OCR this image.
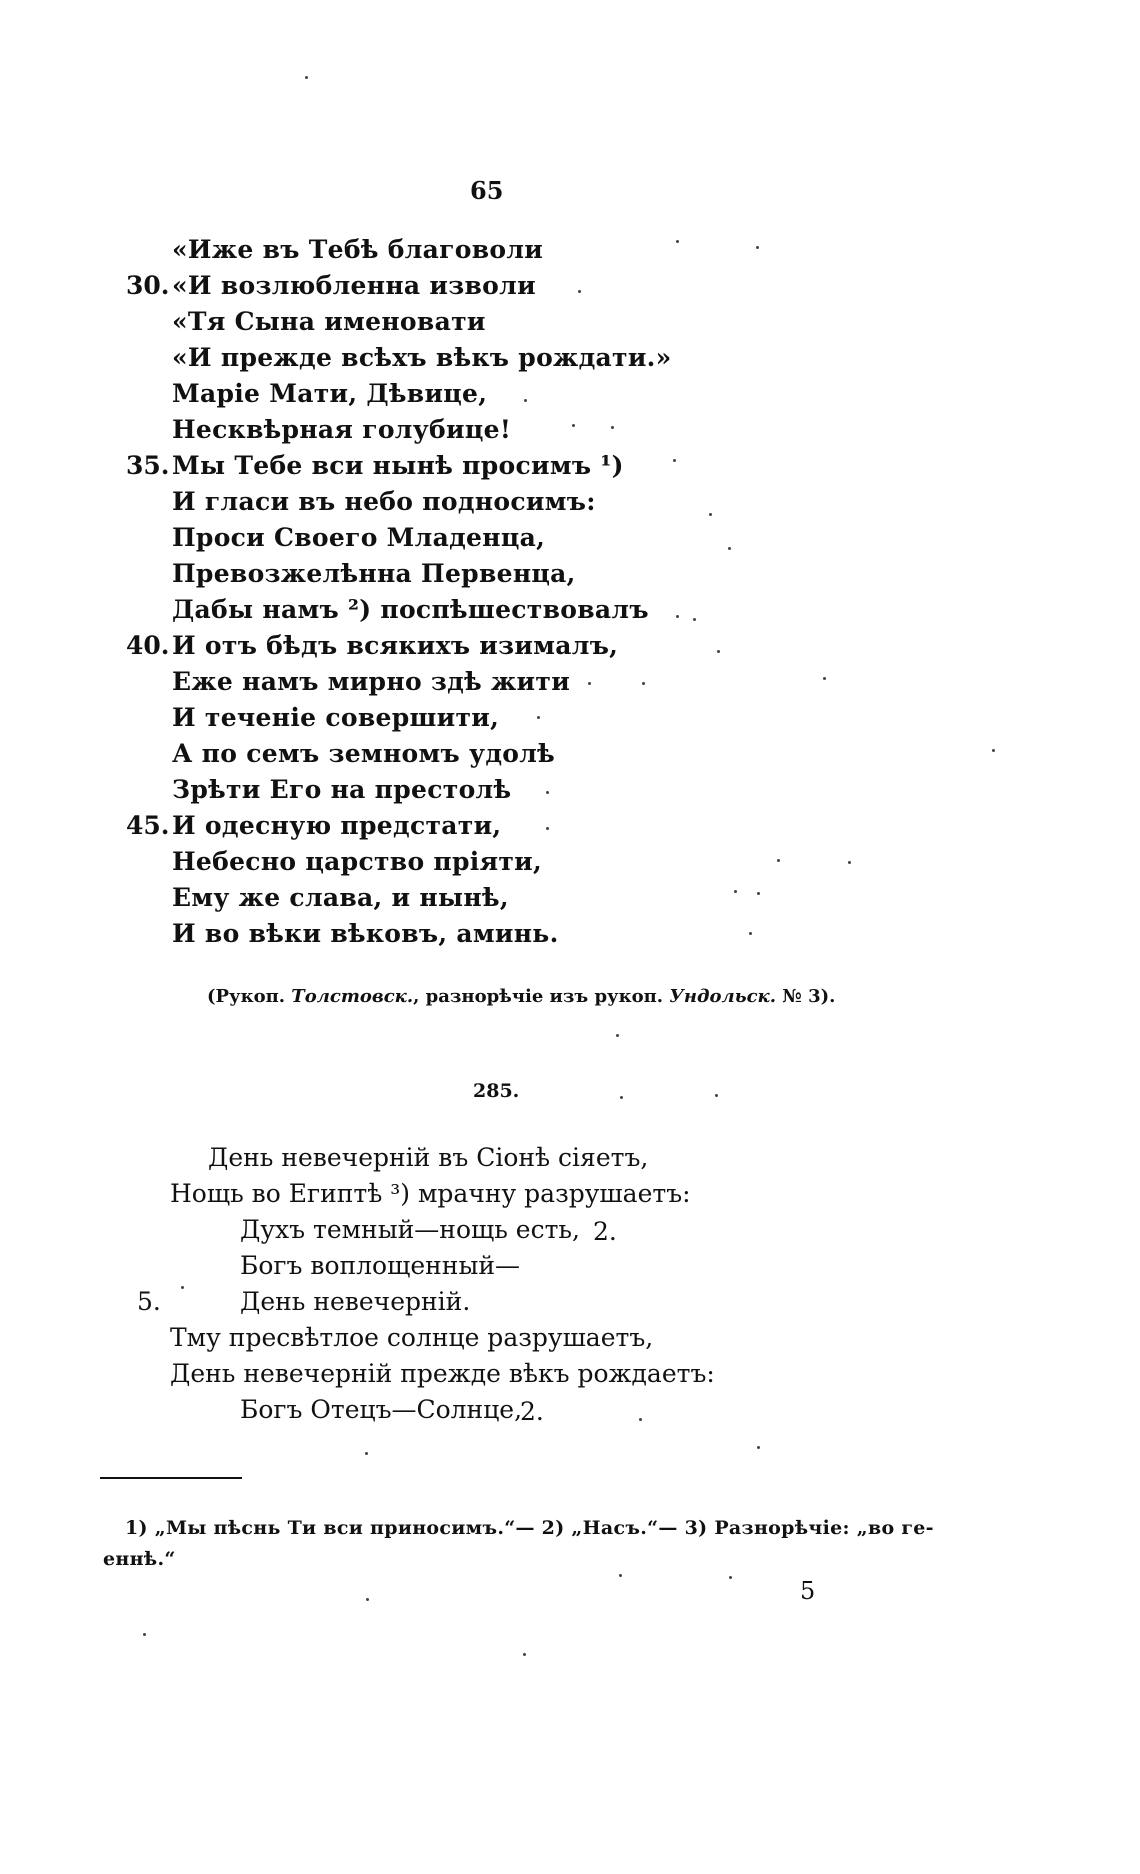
65
30.
35.
40.
45.
«Иже въ Тебѣ благоволи
«И возлюбленна изволи
«Тя Сына именовати
«И прежде всѣхъ вѣкъ рождати.»
Маріе Мати, Дѣвице,
Несквѣрная голубице!
Мы Тебе вси нынѣ просимъ ¹)
И гласи въ небо подносимъ:
Проси Своего Младенца,
Превозжелѣнна Первенца,
Дабы намъ ²) поспѣшествовалъ
И отъ бѣдъ всякихъ изималъ,
Еже намъ мирно здѣ жити
И теченіе совершити,
А по семъ земномъ удолѣ
Зрѣти Его на престолѣ
И одесную предстати,
Небесно царство пріяти,
Ему же слава, и нынѣ,
И во вѣки вѣковъ, аминь.
(Рукоп. Толстовск., разнорѣчіе изъ рукоп. Ундольск. № 3).
285.
День невечерній въ Сіонѣ сіяетъ,
Нощь во Египтѣ ³) мрачну разрушаетъ:
Духъ темный—нощь есть, 2.
Богъ воплощенный—
5.	День невечерній.
Тму пресвѣтлое солнце разрушаетъ,
День невечерній прежде вѣкъ рождаетъ:
Богъ Отецъ—Солнце,
2.
1) „Мы пѣснь Ти вси приносимъ.“— 2) „Насъ.“— 3) Разнорѣчіе: „во ге-
еннѣ.“
5
